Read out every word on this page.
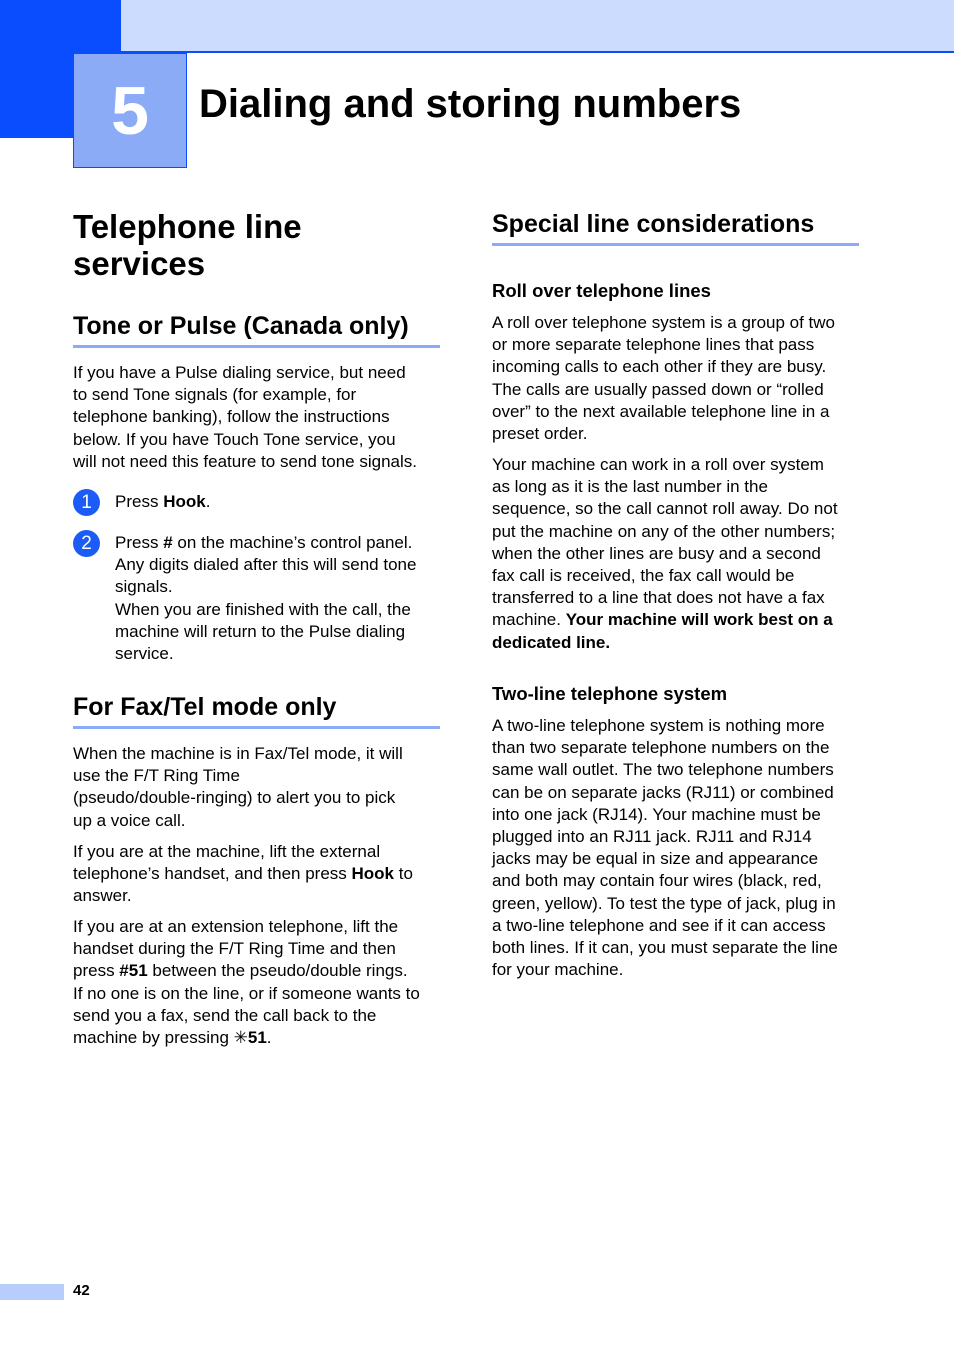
5	Dialing and storing numbers
Telephone line
services
Tone or Pulse (Canada only)

If you have a Pulse dialing service, but need
to send Tone signals (for example, for
telephone banking), follow the instructions
below. If you have Touch Tone service, you
will not need this feature to send tone signals.

1	Press Hook.
2	Press # on the machine’s control panel.
Any digits dialed after this will send tone
signals.
When you are finished with the call, the
machine will return to the Pulse dialing
service.
For Fax/Tel mode only

When the machine is in Fax/Tel mode, it will
use the F/T Ring Time
(pseudo/double-ringing) to alert you to pick
up a voice call.

If you are at the machine, lift the external
telephone’s handset, and then press Hook to
answer.

If you are at an extension telephone, lift the
handset during the F/T Ring Time and then
press #51 between the pseudo/double rings.
If no one is on the line, or if someone wants to
send you a fax, send the call back to the
machine by pressing ✳51.

Special line considerations
Roll over telephone lines

A roll over telephone system is a group of two
or more separate telephone lines that pass
incoming calls to each other if they are busy.
The calls are usually passed down or “rolled
over” to the next available telephone line in a
preset order.

Your machine can work in a roll over system
as long as it is the last number in the
sequence, so the call cannot roll away. Do not
put the machine on any of the other numbers;
when the other lines are busy and a second
fax call is received, the fax call would be
transferred to a line that does not have a fax
machine. Your machine will work best on a
dedicated line.

Two-line telephone system

A two-line telephone system is nothing more
than two separate telephone numbers on the
same wall outlet. The two telephone numbers
can be on separate jacks (RJ11) or combined
into one jack (RJ14). Your machine must be
plugged into an RJ11 jack. RJ11 and RJ14
jacks may be equal in size and appearance
and both may contain four wires (black, red,
green, yellow). To test the type of jack, plug in
a two-line telephone and see if it can access
both lines. If it can, you must separate the line
for your machine.

42
